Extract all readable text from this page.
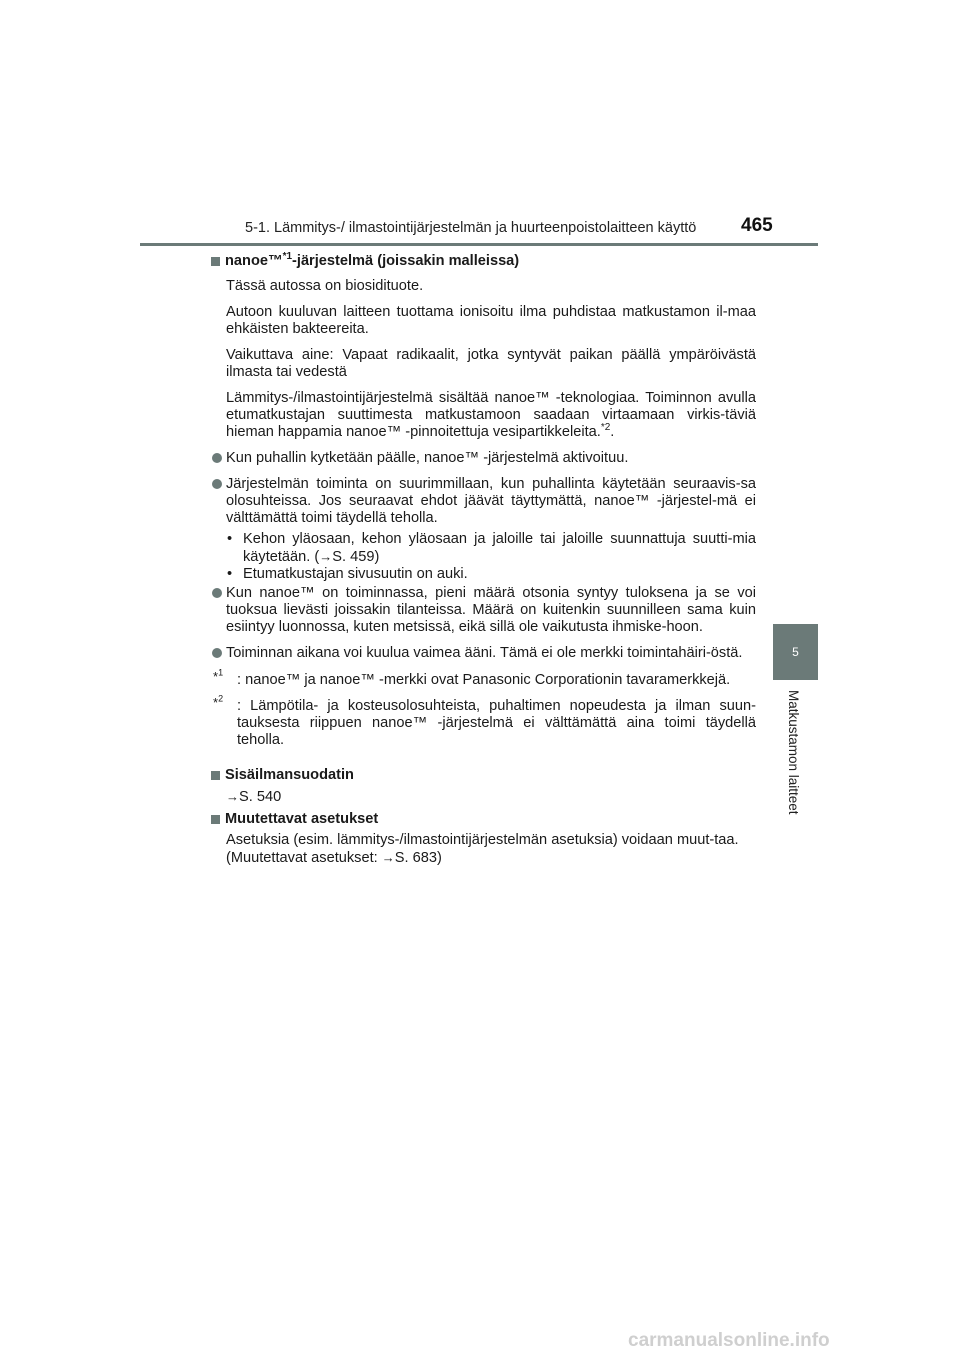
5-1. Lämmitys-/ ilmastointijärjestelmän ja huurteenpoistolaitteen käyttö 465
5
Matkustamon laitteet
nanoe™$^{*1}$-järjestelmä (joissakin malleissa)

Tässä autossa on biosidituote.

Autoon kuuluvan laitteen tuottama ionisoitu ilma puhdistaa matkustamon il-maa ehkäisten bakteereita.

Vaikuttava aine: Vapaat radikaalit, jotka syntyvät paikan päällä ympäröivästä ilmasta tai vedestä

Lämmitys-/ilmastointijärjestelmä sisältää nanoe™ -teknologiaa. Toiminnon avulla etumatkustajan suuttimesta matkustamoon saadaan virtaamaan virkis-täviä hieman happamia nanoe™ -pinnoitettuja vesipartikkeleita.$^{*2}$.

Kun puhallin kytketään päälle, nanoe™ -järjestelmä aktivoituu.
Järjestelmän toiminta on suurimmillaan, kun puhallinta käytetään seuraavis-sa olosuhteissa. Jos seuraavat ehdot jäävät täyttymättä, nanoe™ -järjestel-mä ei välttämättä toimi täydellä teholla.
• Kehon yläosaan, kehon yläosaan ja jaloille tai jaloille suunnattuja suutti-mia käytetään. (→S. 459)
• Etumatkustajan sivusuutin on auki.
Kun nanoe™ on toiminnassa, pieni määrä otsonia syntyy tuloksena ja se voi tuoksua lievästi joissakin tilanteissa. Määrä on kuitenkin suunnilleen sama kuin esiintyy luonnossa, kuten metsissä, eikä sillä ole vaikutusta ihmiske-hoon.
Toiminnan aikana voi kuulua vaimea ääni. Tämä ei ole merkki toimintahäiri-östä.
*$^1$ : nanoe™ ja nanoe™ -merkki ovat Panasonic Corporationin tavaramerkkejä.
*$^2$ : Lämpötila- ja kosteusolosuhteista, puhaltimen nopeudesta ja ilman suun-tauksesta riippuen nanoe™ -järjestelmä ei välttämättä aina toimi täydellä teholla.
Sisäilmansuodatin

→S. 540

Muutettavat asetukset

Asetuksia (esim. lämmitys-/ilmastointijärjestelmän asetuksia) voidaan muut-taa.

(Muutettavat asetukset: →S. 683)

carmanualsonline.info
